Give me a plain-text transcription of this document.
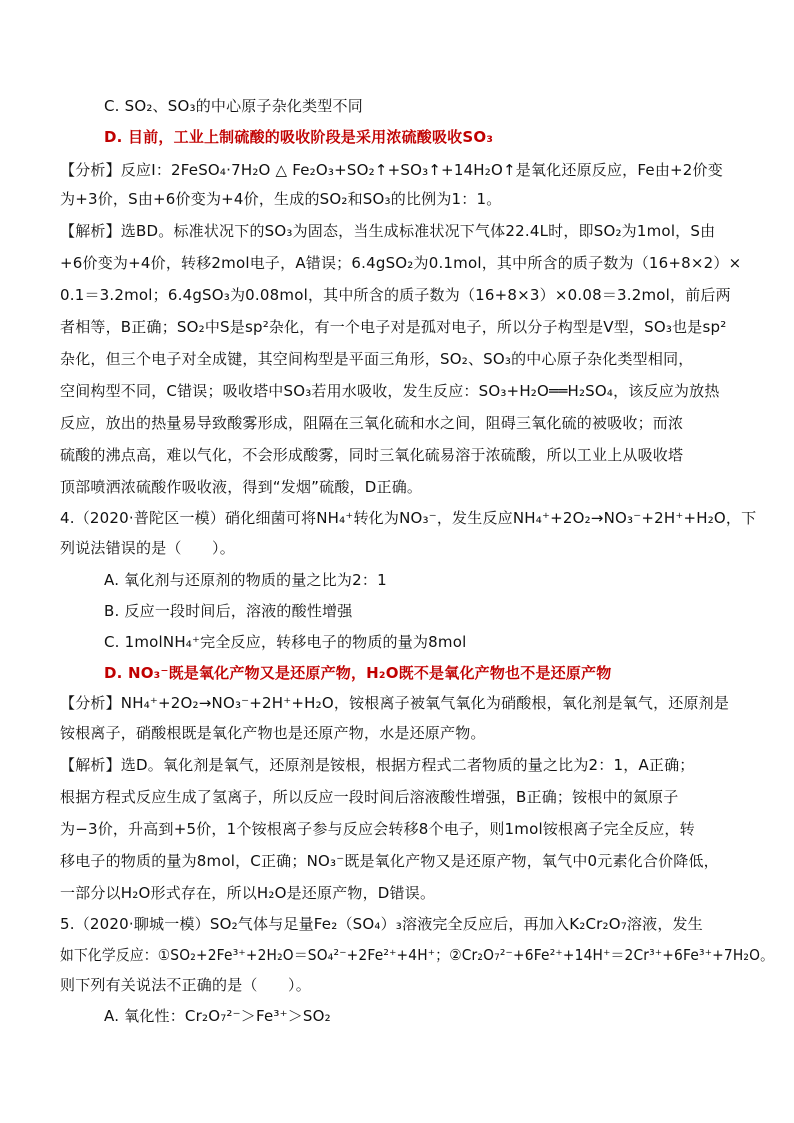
C. SO₂、SO₃的中心原子杂化类型不同
D. 目前，工业上制硫酸的吸收阶段是采用浓硫酸吸收SO₃
【分析】反应Ⅰ：2FeSO₄·7H₂O △ Fe₂O₃+SO₂↑+SO₃↑+14H₂O↑是氧化还原反应，Fe由+2价变
为+3价，S由+6价变为+4价，生成的SO₂和SO₃的比例为1：1。
【解析】选BD。标准状况下的SO₃为固态，当生成标准状况下气体22.4L时，即SO₂为1mol，S由
+6价变为+4价，转移2mol电子，A错误；6.4gSO₂为0.1mol，其中所含的质子数为（16+8×2）×
0.1＝3.2mol；6.4gSO₃为0.08mol，其中所含的质子数为（16+8×3）×0.08＝3.2mol，前后两
者相等，B正确；SO₂中S是sp²杂化，有一个电子对是孤对电子，所以分子构型是V型，SO₃也是sp²
杂化，但三个电子对全成键，其空间构型是平面三角形，SO₂、SO₃的中心原子杂化类型相同，
空间构型不同，C错误；吸收塔中SO₃若用水吸收，发生反应：SO₃+H₂O══H₂SO₄，该反应为放热
反应，放出的热量易导致酸雾形成，阻隔在三氧化硫和水之间，阻碍三氧化硫的被吸收；而浓
硫酸的沸点高，难以气化，不会形成酸雾，同时三氧化硫易溶于浓硫酸，所以工业上从吸收塔
顶部喷洒浓硫酸作吸收液，得到“发烟”硫酸，D正确。
4.（2020·普陀区一模）硝化细菌可将NH₄⁺转化为NO₃⁻，发生反应NH₄⁺+2O₂→NO₃⁻+2H⁺+H₂O，下
列说法错误的是（　　）。
A. 氧化剂与还原剂的物质的量之比为2：1
B. 反应一段时间后，溶液的酸性增强
C. 1molNH₄⁺完全反应，转移电子的物质的量为8mol
D. NO₃⁻既是氧化产物又是还原产物，H₂O既不是氧化产物也不是还原产物
【分析】NH₄⁺+2O₂→NO₃⁻+2H⁺+H₂O，铵根离子被氧气氧化为硝酸根，氧化剂是氧气，还原剂是
铵根离子，硝酸根既是氧化产物也是还原产物，水是还原产物。
【解析】选D。氧化剂是氧气，还原剂是铵根，根据方程式二者物质的量之比为2：1，A正确；
根据方程式反应生成了氢离子，所以反应一段时间后溶液酸性增强，B正确；铵根中的氮原子
为−3价，升高到+5价，1个铵根离子参与反应会转移8个电子，则1mol铵根离子完全反应，转
移电子的物质的量为8mol，C正确；NO₃⁻既是氧化产物又是还原产物，氧气中0元素化合价降低，
一部分以H₂O形式存在，所以H₂O是还原产物，D错误。
5.（2020·聊城一模）SO₂气体与足量Fe₂（SO₄）₃溶液完全反应后，再加入K₂Cr₂O₇溶液，发生
如下化学反应：①SO₂+2Fe³⁺+2H₂O＝SO₄²⁻+2Fe²⁺+4H⁺；②Cr₂O₇²⁻+6Fe²⁺+14H⁺＝2Cr³⁺+6Fe³⁺+7H₂O。
则下列有关说法不正确的是（　　）。
A. 氧化性：Cr₂O₇²⁻＞Fe³⁺＞SO₂
